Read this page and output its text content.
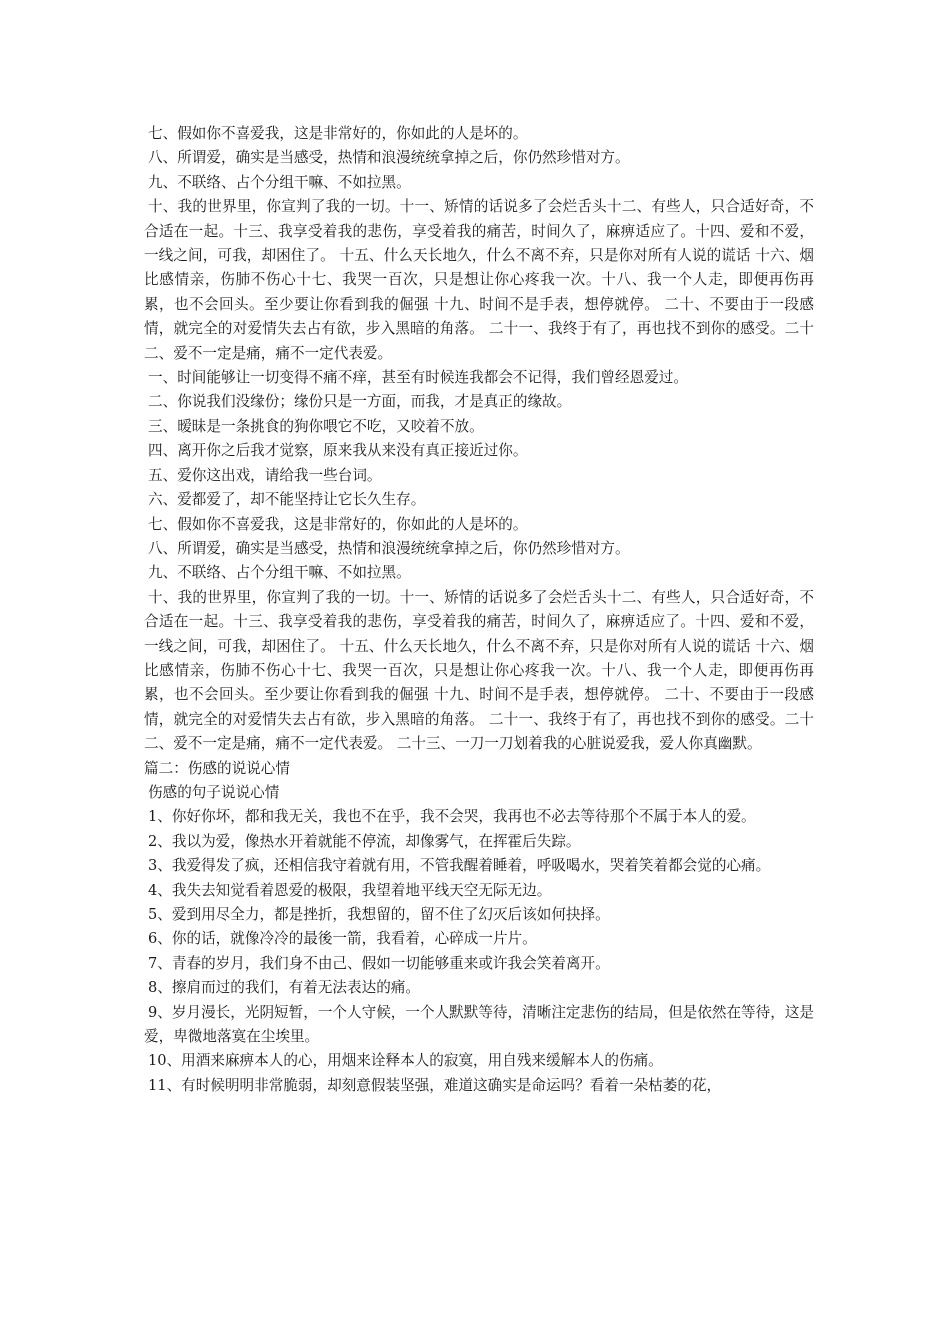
七、假如你不喜爱我，这是非常好的，你如此的人是坏的。

八、所谓爱，确实是当感受，热情和浪漫统统拿掉之后，你仍然珍惜对方。

九、不联络、占个分组干嘛、不如拉黑。

十、我的世界里，你宣判了我的一切。十一、矫情的话说多了会烂舌头十二、有些人，只合适好奇，不合适在一起。十三、我享受着我的悲伤，享受着我的痛苦，时间久了，麻痹适应了。十四、爱和不爱，一线之间，可我，却困住了。 十五、什么天长地久，什么不离不弃，只是你对所有人说的谎话 十六、烟比感情亲，伤肺不伤心十七、我哭一百次，只是想让你心疼我一次。十八、我一个人走，即便再伤再累，也不会回头。至少要让你看到我的倔强 十九、时间不是手表，想停就停。 二十、不要由于一段感情，就完全的对爱情失去占有欲，步入黑暗的角落。 二十一、我终于有了，再也找不到你的感受。二十二、爱不一定是痛，痛不一定代表爱。

一、时间能够让一切变得不痛不痒，甚至有时候连我都会不记得，我们曾经恩爱过。

二、你说我们没缘份；缘份只是一方面，而我，才是真正的缘故。

三、暧昧是一条挑食的狗你喂它不吃，又咬着不放。

四、离开你之后我才觉察，原来我从来没有真正接近过你。

五、爱你这出戏，请给我一些台词。

六、爱都爱了，却不能坚持让它长久生存。

七、假如你不喜爱我，这是非常好的，你如此的人是坏的。

八、所谓爱，确实是当感受，热情和浪漫统统拿掉之后，你仍然珍惜对方。

九、不联络、占个分组干嘛、不如拉黑。

十、我的世界里，你宣判了我的一切。十一、矫情的话说多了会烂舌头十二、有些人，只合适好奇，不合适在一起。十三、我享受着我的悲伤，享受着我的痛苦，时间久了，麻痹适应了。十四、爱和不爱，一线之间，可我，却困住了。 十五、什么天长地久，什么不离不弃，只是你对所有人说的谎话 十六、烟比感情亲，伤肺不伤心十七、我哭一百次，只是想让你心疼我一次。十八、我一个人走，即便再伤再累，也不会回头。至少要让你看到我的倔强 十九、时间不是手表，想停就停。 二十、不要由于一段感情，就完全的对爱情失去占有欲，步入黑暗的角落。 二十一、我终于有了，再也找不到你的感受。二十二、爱不一定是痛，痛不一定代表爱。 二十三、一刀一刀划着我的心脏说爱我，爱人你真幽默。

篇二：伤感的说说心情

伤感的句子说说心情

1、你好你坏，都和我无关，我也不在乎，我不会哭，我再也不必去等待那个不属于本人的爱。

2、我以为爱，像热水开着就能不停流，却像雾气，在挥霍后失踪。

3、我爱得发了疯，还相信我守着就有用，不管我醒着睡着，呼吸喝水，哭着笑着都会觉的心痛。

4、我失去知觉看着恩爱的极限，我望着地平线天空无际无边。

5、爱到用尽全力，都是挫折，我想留的，留不住了幻灭后该如何抉择。

6、你的话，就像冷冷的最後一箭，我看着，心碎成一片片。

7、青春的岁月，我们身不由己、假如一切能够重来或许我会笑着离开。

8、擦肩而过的我们，有着无法表达的痛。

9、岁月漫长，光阴短暂，一个人守候，一个人默默等待，清晰注定悲伤的结局，但是依然在等待，这是爱，卑微地落寞在尘埃里。

10、用酒来麻痹本人的心，用烟来诠释本人的寂寞，用自残来缓解本人的伤痛。

11、有时候明明非常脆弱，却刻意假装坚强，难道这确实是命运吗？看着一朵枯萎的花，
